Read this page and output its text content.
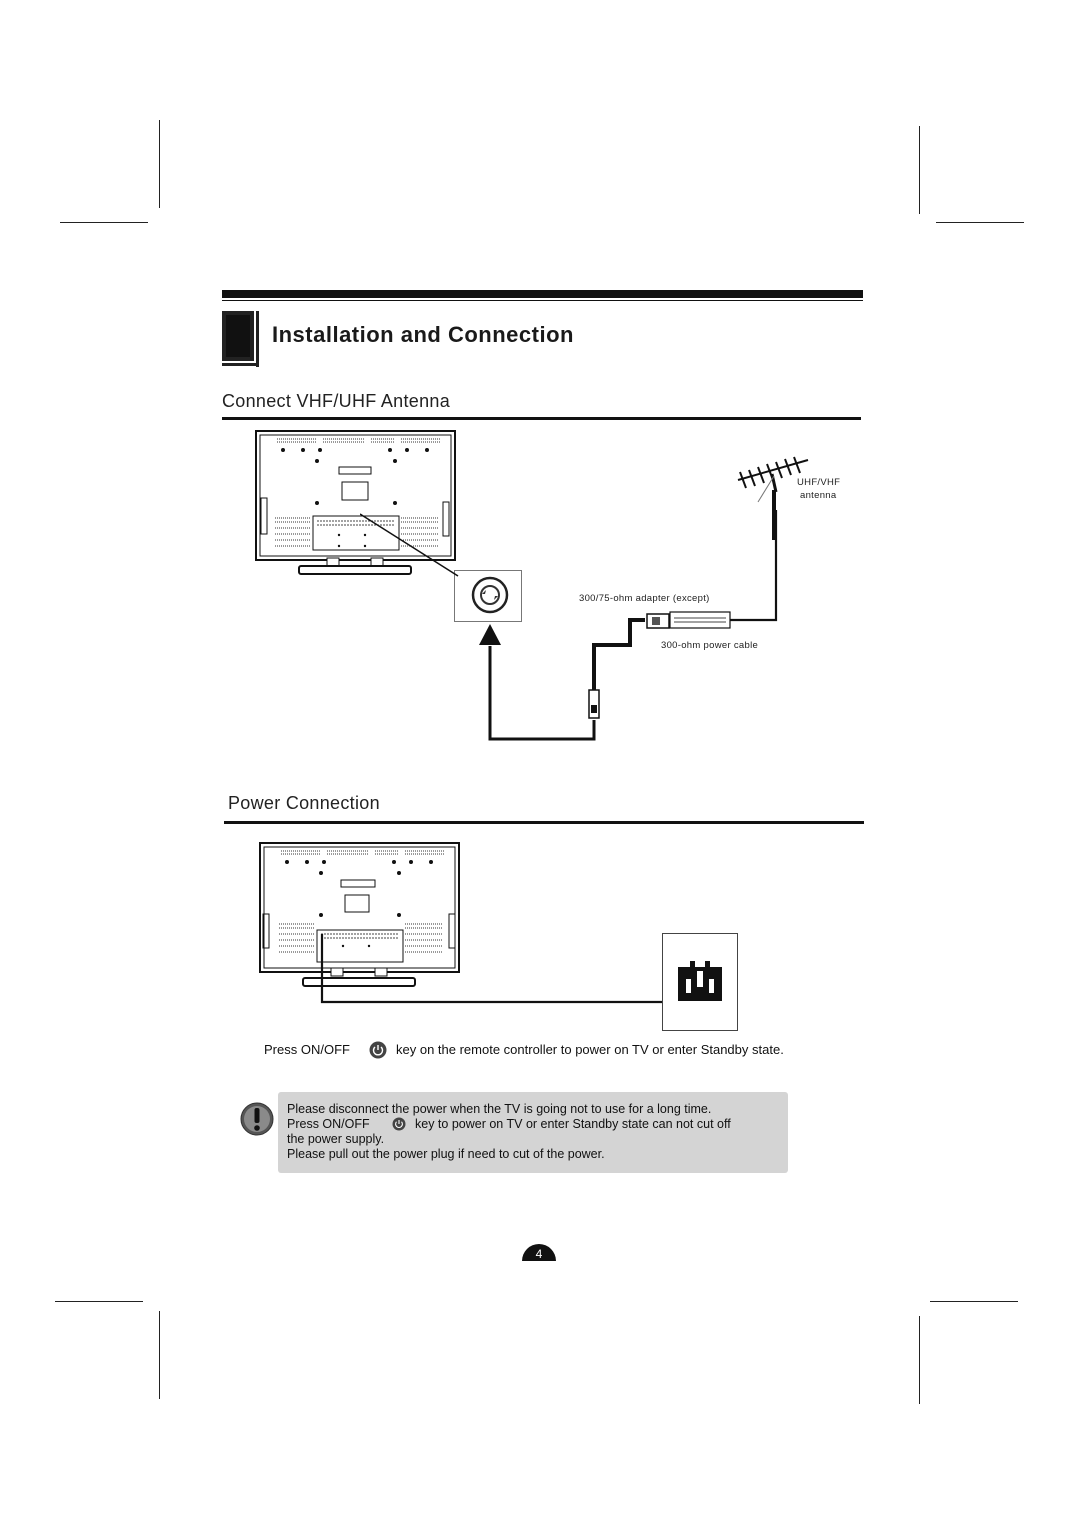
Installation and Connection
Connect VHF/UHF Antenna
UHF/VHF
antenna
300/75-ohm adapter (except)
300-ohm power cable
Power Connection
Press ON/OFF	key on the remote controller to power on TV or enter Standby state.
Please disconnect the power when the TV is going not to use for a long time.
Press ON/OFF	key to power on TV or enter Standby state can not cut off
the power supply.
Please pull out the power plug if need to cut of the power.
4
